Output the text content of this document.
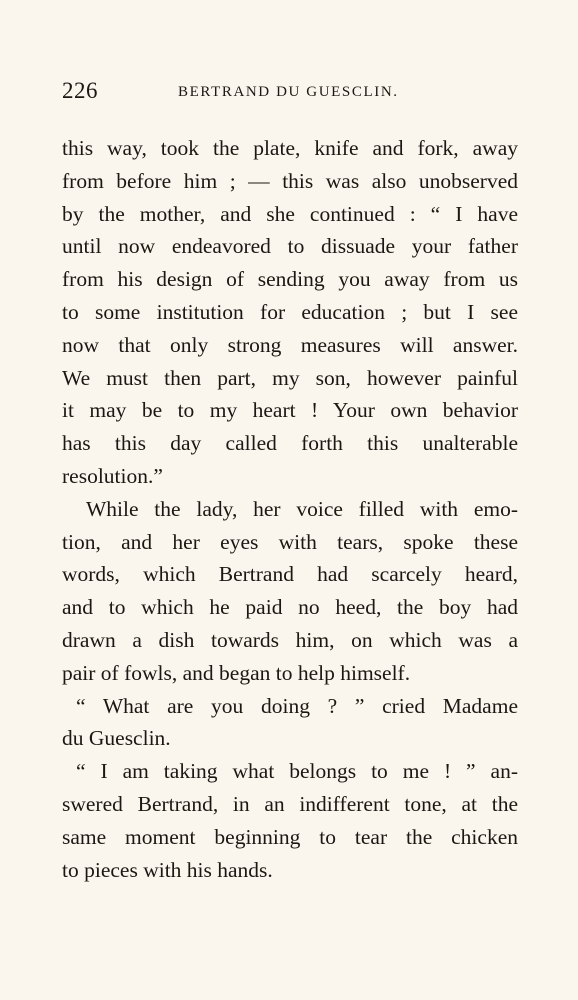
226	BERTRAND DU GUESCLIN.
this way, took the plate, knife and fork, away
from before him ; — this was also unobserved
by the mother, and she continued : “ I have
until now endeavored to dissuade your father
from his design of sending you away from us
to some institution for education ; but I see
now that only strong measures will answer.
We must then part, my son, however painful
it may be to my heart ! Your own behavior
has this day called forth this unalterable
resolution.”
While the lady, her voice filled with emo-
tion, and her eyes with tears, spoke these
words, which Bertrand had scarcely heard,
and to which he paid no heed, the boy had
drawn a dish towards him, on which was a
pair of fowls, and began to help himself.
“ What are you doing ? ” cried Madame
du Guesclin.
“ I am taking what belongs to me ! ” an-
swered Bertrand, in an indifferent tone, at the
same moment beginning to tear the chicken
to pieces with his hands.
